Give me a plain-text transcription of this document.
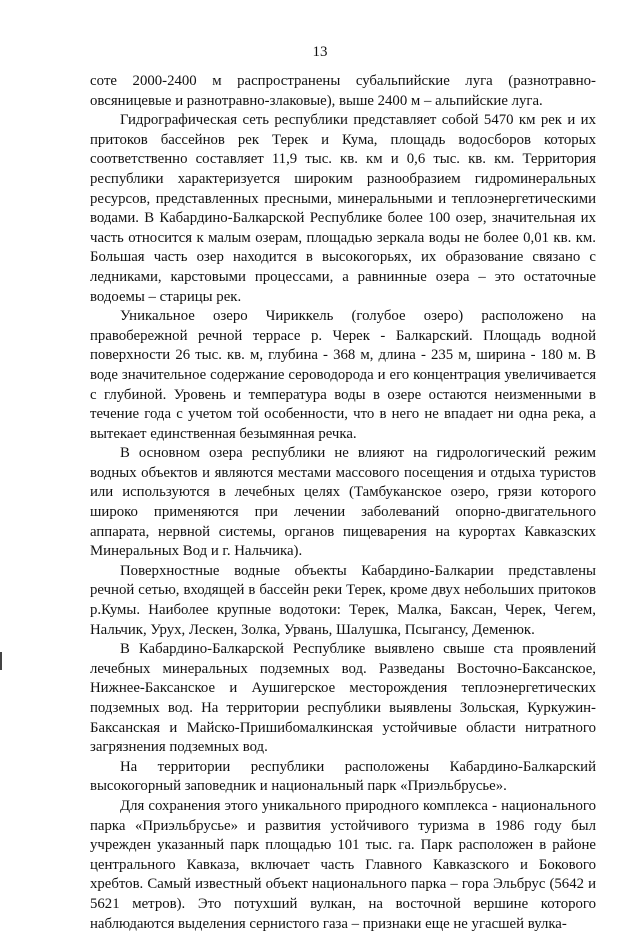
13

сoте 2000-2400 м распространены субальпийские луга (разнотравно-овсяницевые и разнотравно-злаковые), выше 2400 м – альпийские луга.

Гидрографическая сеть республики представляет собой 5470 км рек и их притоков бассейнов рек Терек и Кума, площадь водосборов которых соответственно составляет 11,9 тыс. кв. км и 0,6 тыс. кв. км. Территория республики характеризуется широким разнообразием гидроминеральных ресурсов, представленных пресными, минеральными и теплоэнергетическими водами. В Кабардино-Балкарской Республике более 100 озер, значительная их часть относится к малым озерам, площадью зеркала воды не более 0,01 кв. км. Большая часть озер находится в высокогорьях, их образование связано с ледниками, карстовыми процессами, а равнинные озера – это остаточные водоемы – старицы рек.

Уникальное озеро Чириккель (голубое озеро) расположено на правобережной речной террасе р. Черек - Балкарский. Площадь водной поверхности 26 тыс. кв. м, глубина - 368 м, длина - 235 м, ширина - 180 м. В воде значительное содержание сероводорода и его концентрация увеличивается с глубиной. Уровень и температура воды в озере остаются неизменными в течение года с учетом той особенности, что в него не впадает ни одна река, а вытекает единственная безымянная речка.

В основном озера республики не влияют на гидрологический режим водных объектов и являются местами массового посещения и отдыха туристов или используются в лечебных целях (Тамбуканское озеро, грязи которого широко применяются при лечении заболеваний опорно-двигательного аппарата, нервной системы, органов пищеварения на курортах Кавказских Минеральных Вод и г. Нальчика).

Поверхностные водные объекты Кабардино-Балкарии представлены речной сетью, входящей в бассейн реки Терек, кроме двух небольших притоков р.Кумы. Наиболее крупные водотоки: Терек, Малка, Баксан, Черек, Чегем, Нальчик, Урух, Лескен, Золка, Урвань, Шалушка, Псыгансу, Деменюк.

В Кабардино-Балкарской Республике выявлено свыше ста проявлений лечебных минеральных подземных вод. Разведаны Восточно-Баксанское, Нижнее-Баксанское и Аушигерское месторождения теплоэнергетических подземных вод. На территории республики выявлены Зольская, Куркужин-Баксанская и Майско-Пришибомалкинская устойчивые области нитратного загрязнения подземных вод.

На территории республики расположены Кабардино-Балкарский высокогорный заповедник и национальный парк «Приэльбрусье».

Для сохранения этого уникального природного комплекса - национального парка «Приэльбрусье» и развития устойчивого туризма в 1986 году был учрежден указанный парк площадью 101 тыс. га. Парк расположен в районе центрального Кавказа, включает часть Главного Кавказского и Бокового хребтов. Самый известный объект национального парка – гора Эльбрус (5642 и 5621 метров). Это потухший вулкан, на восточной вершине которого наблюдаются выделения сернистого газа – признаки еще не угасшей вулка-
